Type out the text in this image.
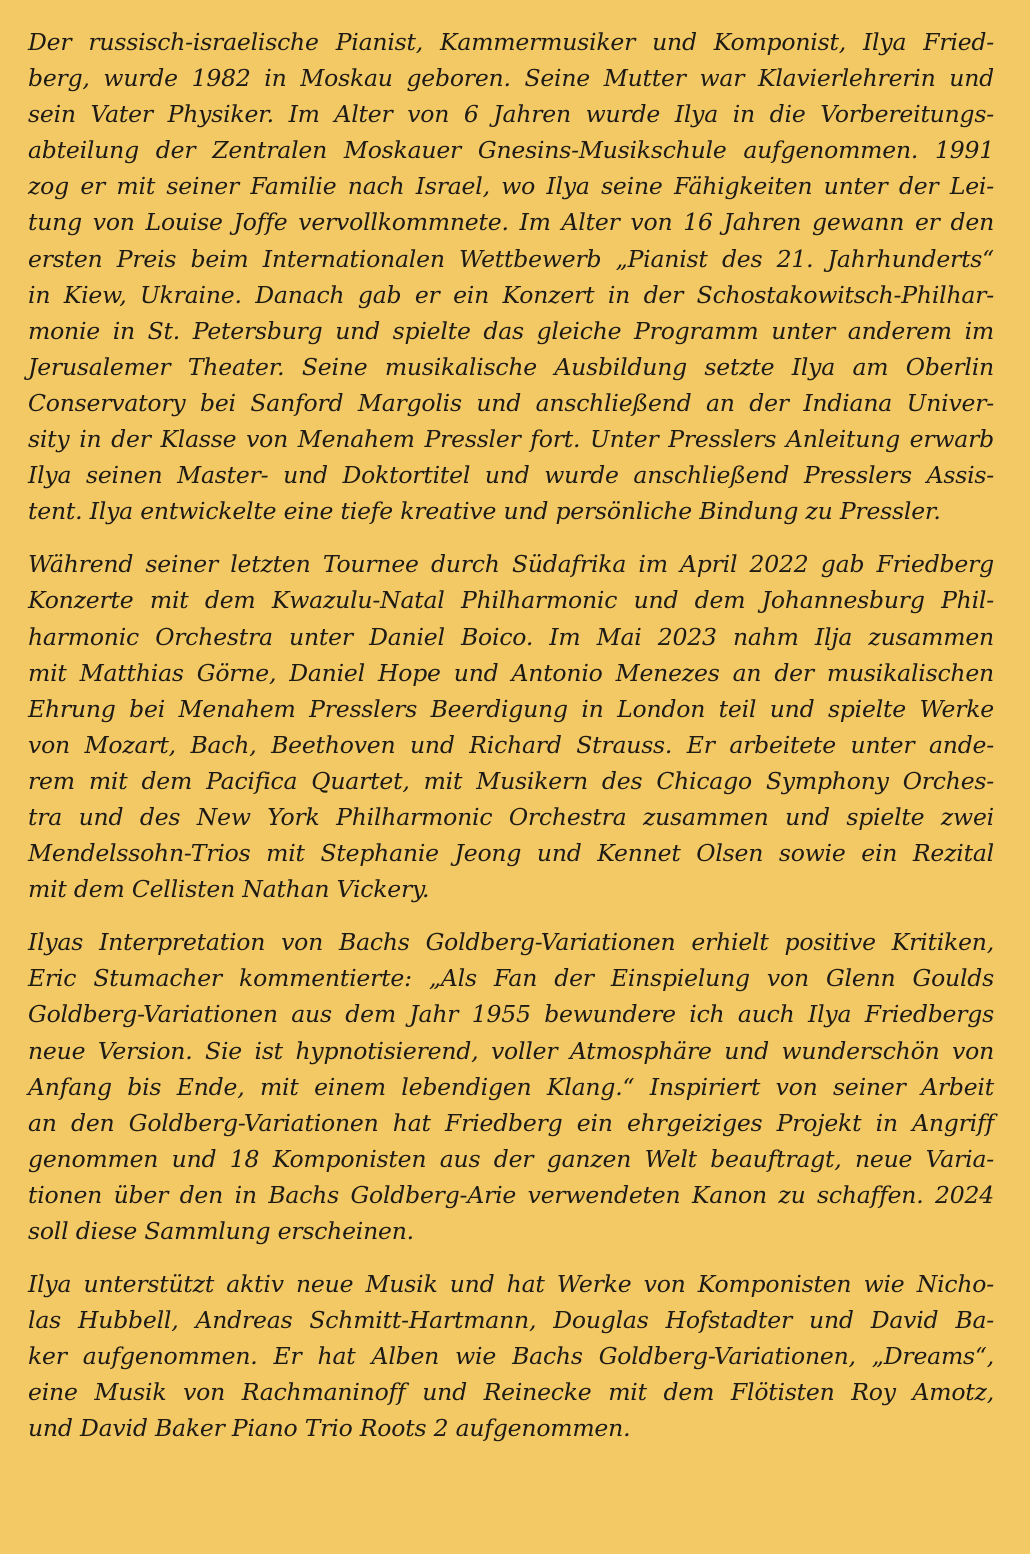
Der russisch-israelische Pianist, Kammermusiker und Komponist, Ilya Fried-
berg, wurde 1982 in Moskau geboren. Seine Mutter war Klavierlehrerin und
sein Vater Physiker. Im Alter von 6 Jahren wurde Ilya in die Vorbereitungs-
abteilung der Zentralen Moskauer Gnesins-Musikschule aufgenommen. 1991
zog er mit seiner Familie nach Israel, wo Ilya seine Fähigkeiten unter der Lei-
tung von Louise Joffe vervollkommnete. Im Alter von 16 Jahren gewann er den
ersten Preis beim Internationalen Wettbewerb „Pianist des 21. Jahrhunderts“
in Kiew, Ukraine. Danach gab er ein Konzert in der Schostakowitsch-Philhar-
monie in St. Petersburg und spielte das gleiche Programm unter anderem im
Jerusalemer Theater. Seine musikalische Ausbildung setzte Ilya am Oberlin
Conservatory bei Sanford Margolis und anschließend an der Indiana Univer-
sity in der Klasse von Menahem Pressler fort. Unter Presslers Anleitung erwarb
Ilya seinen Master- und Doktortitel und wurde anschließend Presslers Assis-
tent. Ilya entwickelte eine tiefe kreative und persönliche Bindung zu Pressler.

Während seiner letzten Tournee durch Südafrika im April 2022 gab Friedberg
Konzerte mit dem Kwazulu-Natal Philharmonic und dem Johannesburg Phil-
harmonic Orchestra unter Daniel Boico. Im Mai 2023 nahm Ilja zusammen
mit Matthias Görne, Daniel Hope und Antonio Menezes an der musikalischen
Ehrung bei Menahem Presslers Beerdigung in London teil und spielte Werke
von Mozart, Bach, Beethoven und Richard Strauss. Er arbeitete unter ande-
rem mit dem Pacifica Quartet, mit Musikern des Chicago Symphony Orches-
tra und des New York Philharmonic Orchestra zusammen und spielte zwei
Mendelssohn-Trios mit Stephanie Jeong und Kennet Olsen sowie ein Rezital
mit dem Cellisten Nathan Vickery.

Ilyas Interpretation von Bachs Goldberg-Variationen erhielt positive Kritiken,
Eric Stumacher kommentierte: „Als Fan der Einspielung von Glenn Goulds
Goldberg-Variationen aus dem Jahr 1955 bewundere ich auch Ilya Friedbergs
neue Version. Sie ist hypnotisierend, voller Atmosphäre und wunderschön von
Anfang bis Ende, mit einem lebendigen Klang.“ Inspiriert von seiner Arbeit
an den Goldberg-Variationen hat Friedberg ein ehrgeiziges Projekt in Angriff
genommen und 18 Komponisten aus der ganzen Welt beauftragt, neue Varia-
tionen über den in Bachs Goldberg-Arie verwendeten Kanon zu schaffen. 2024
soll diese Sammlung erscheinen.

Ilya unterstützt aktiv neue Musik und hat Werke von Komponisten wie Nicho-
las Hubbell, Andreas Schmitt-Hartmann, Douglas Hofstadter und David Ba-
ker aufgenommen. Er hat Alben wie Bachs Goldberg-Variationen, „Dreams“,
eine Musik von Rachmaninoff und Reinecke mit dem Flötisten Roy Amotz,
und David Baker Piano Trio Roots 2 aufgenommen.
